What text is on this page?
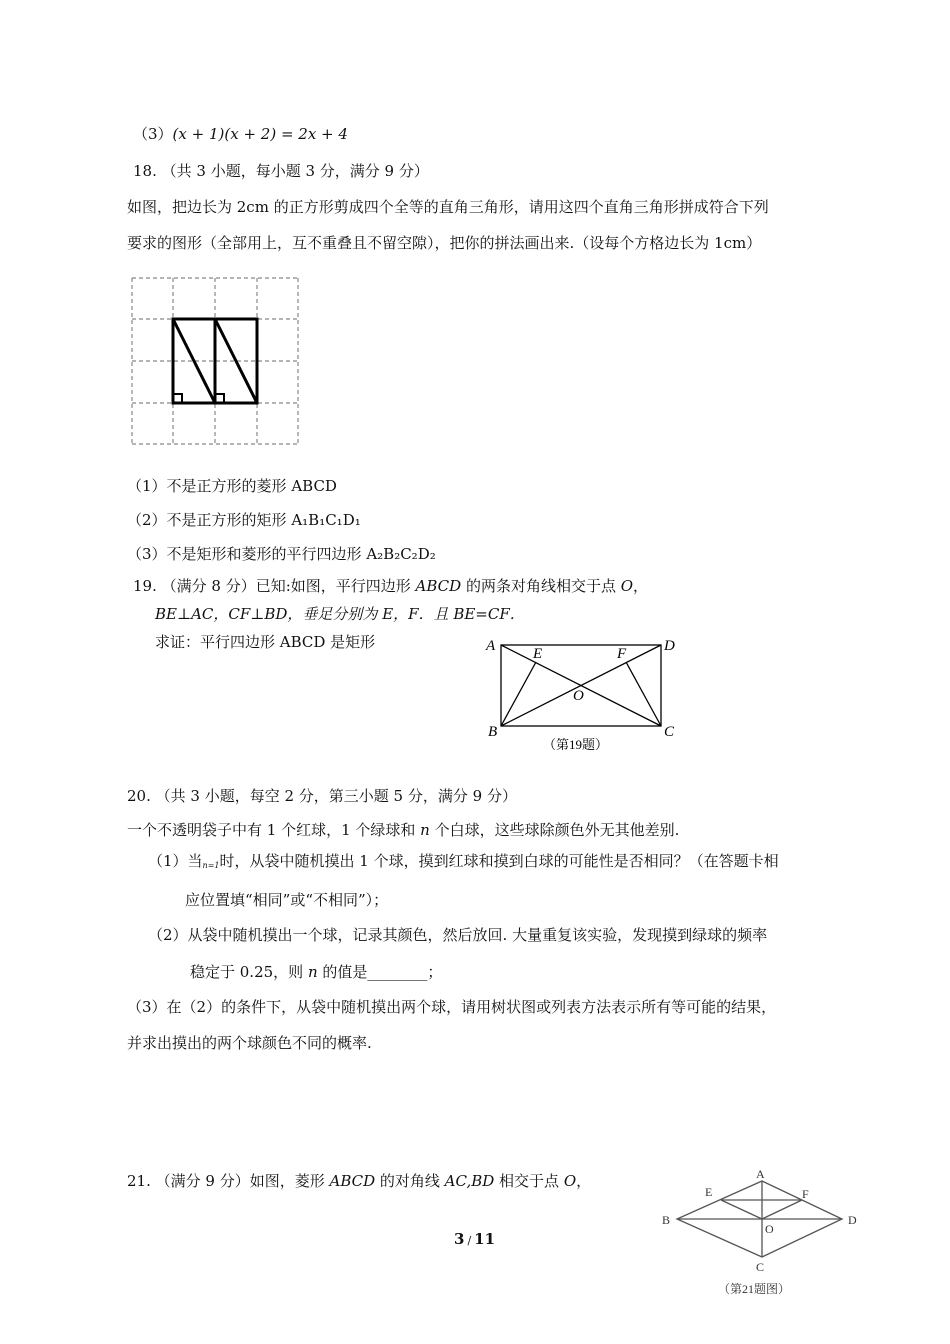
（3）(x + 1)(x + 2) = 2x + 4
18. （共 3 小题，每小题 3 分，满分 9 分）
如图，把边长为 2cm 的正方形剪成四个全等的直角三角形，请用这四个直角三角形拼成符合下列
要求的图形（全部用上，互不重叠且不留空隙），把你的拼法画出来.（设每个方格边长为 1cm）
（1）不是正方形的菱形 ABCD
（2）不是正方形的矩形 A₁B₁C₁D₁
（3）不是矩形和菱形的平行四边形 A₂B₂C₂D₂
19. （满分 8 分）已知:如图，平行四边形 ABCD 的两条对角线相交于点 O，
BE⊥AC，CF⊥BD，垂足分别为 E，F．且 BE=CF．
求证：平行四边形 ABCD 是矩形	A	D
B	C
E	F
O
（第19题）
20. （共 3 小题，每空 2 分，第三小题 5 分，满分 9 分）
一个不透明袋子中有 1 个红球，1 个绿球和 n 个白球，这些球除颜色外无其他差别.
（1）当n=1时，从袋中随机摸出 1 个球，摸到红球和摸到白球的可能性是否相同？（在答题卡相
应位置填“相同”或“不相同”）；
（2）从袋中随机摸出一个球，记录其颜色，然后放回. 大量重复该实验，发现摸到绿球的频率
稳定于 0.25，则 n 的值是________；
（3）在（2）的条件下，从袋中随机摸出两个球，请用树状图或列表方法表示所有等可能的结果，
并求出摸出的两个球颜色不同的概率.
21. （满分 9 分）如图，菱形 ABCD 的对角线 AC,BD 相交于点 O，	A
B	D
C
E	F
O
（第21题图）
3 / 11
